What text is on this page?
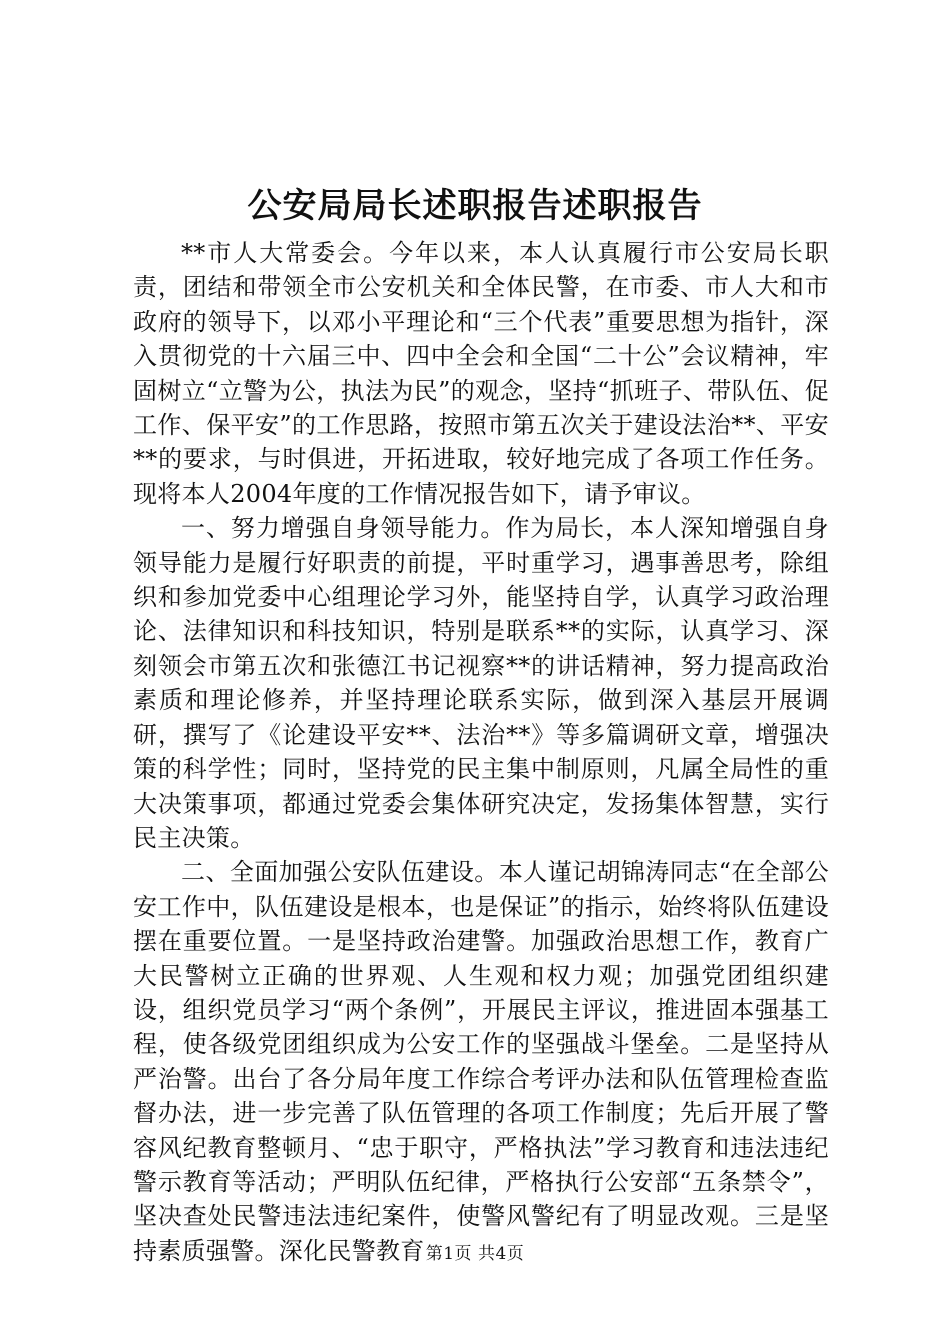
公安局局长述职报告述职报告

**市人大常委会。今年以来，本人认真履行市公安局长职责，团结和带领全市公安机关和全体民警，在市委、市人大和市政府的领导下，以邓小平理论和“三个代表”重要思想为指针，深入贯彻党的十六届三中、四中全会和全国“二十公”会议精神，牢固树立“立警为公，执法为民”的观念，坚持“抓班子、带队伍、促工作、保平安”的工作思路，按照市第五次关于建设法治**、平安**的要求，与时俱进，开拓进取，较好地完成了各项工作任务。现将本人2004年度的工作情况报告如下，请予审议。

一、努力增强自身领导能力。作为局长，本人深知增强自身领导能力是履行好职责的前提，平时重学习，遇事善思考，除组织和参加党委中心组理论学习外，能坚持自学，认真学习政治理论、法律知识和科技知识，特别是联系**的实际，认真学习、深刻领会市第五次和张德江书记视察**的讲话精神，努力提高政治素质和理论修养，并坚持理论联系实际，做到深入基层开展调研，撰写了《论建设平安**、法治**》等多篇调研文章，增强决策的科学性；同时，坚持党的民主集中制原则，凡属全局性的重大决策事项，都通过党委会集体研究决定，发扬集体智慧，实行民主决策。

二、全面加强公安队伍建设。本人谨记胡锦涛同志“在全部公安工作中，队伍建设是根本，也是保证”的指示，始终将队伍建设摆在重要位置。一是坚持政治建警。加强政治思想工作，教育广大民警树立正确的世界观、人生观和权力观；加强党团组织建设，组织党员学习“两个条例”，开展民主评议，推进固本强基工程，使各级党团组织成为公安工作的坚强战斗堡垒。二是坚持从严治警。出台了各分局年度工作综合考评办法和队伍管理检查监督办法，进一步完善了队伍管理的各项工作制度；先后开展了警容风纪教育整顿月、“忠于职守，严格执法”学习教育和违法违纪警示教育等活动；严明队伍纪律，严格执行公安部“五条禁令”，坚决查处民警违法违纪案件，使警风警纪有了明显改观。三是坚持素质强警。深化民警教育 第1页 共4页
